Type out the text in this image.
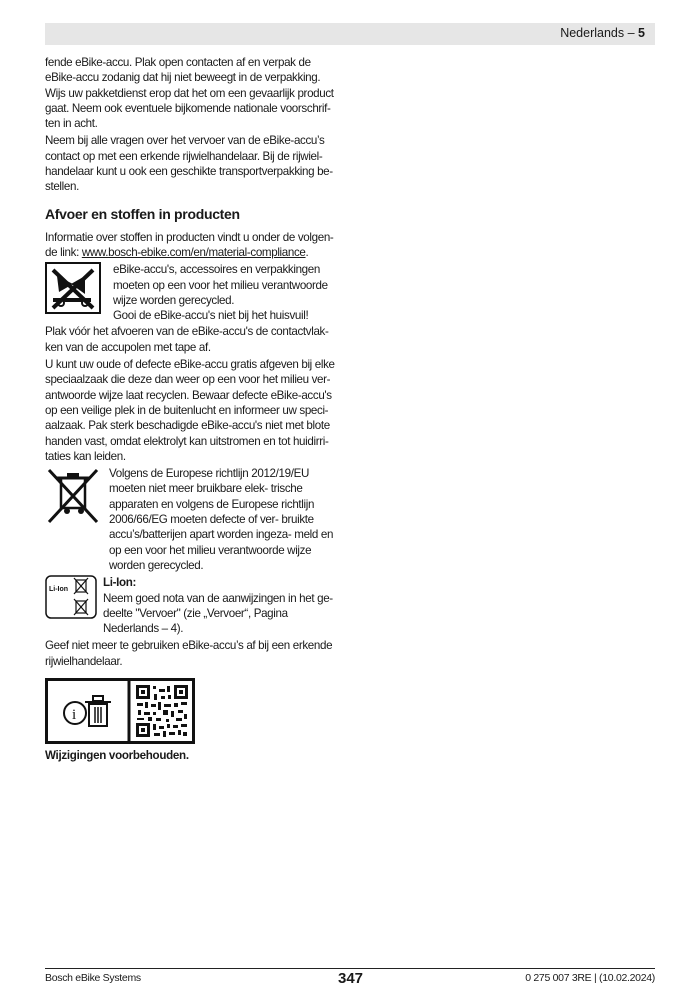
Nederlands – 5

fende eBike-accu. Plak open contacten af en verpak de eBike-accu zodanig dat hij niet beweegt in de verpakking. Wijs uw pakketdienst erop dat het om een gevaarlijk product gaat. Neem ook eventuele bijkomende nationale voorschrif- ten in acht.

Neem bij alle vragen over het vervoer van de eBike-accu’s contact op met een erkende rijwielhandelaar. Bij de rijwiel- handelaar kunt u ook een geschikte transportverpakking be- stellen.

Afvoer en stoffen in producten

Informatie over stoffen in producten vindt u onder de volgen- de link: www.bosch-ebike.com/en/material-compliance.

eBike-accu's, accessoires en verpakkingen moeten op een voor het milieu verantwoorde wijze worden gerecycled.

Gooi de eBike-accu's niet bij het huisvuil!

Plak vóór het afvoeren van de eBike-accu's de contactvlak- ken van de accupolen met tape af.

U kunt uw oude of defecte eBike-accu gratis afgeven bij elke speciaalzaak die deze dan weer op een voor het milieu ver- antwoorde wijze laat recyclen. Bewaar defecte eBike-accu's op een veilige plek in de buitenlucht en informeer uw speci- aalzaak. Pak sterk beschadigde eBike-accu's niet met blote handen vast, omdat elektrolyt kan uitstromen en tot huidirri- taties kan leiden.

Volgens de Europese richtlijn 2012/19/EU moeten niet meer bruikbare elek- trische apparaten en volgens de Europese richtlijn 2006/66/EG moeten defecte of ver- bruikte accu’s/batterijen apart worden ingeza- meld en op een voor het milieu verantwoorde wijze worden gerecycled.

Li-Ion

Li-Ion:

Neem goed nota van de aanwijzingen in het ge- deelte "Vervoer" (zie „Vervoer“, Pagina Nederlands – 4).

Geef niet meer te gebruiken eBike-accu’s af bij een erkende rijwielhandelaar.

i
Wijzigingen voorbehouden.
Bosch eBike Systems	347	0 275 007 3RE | (10.02.2024)
